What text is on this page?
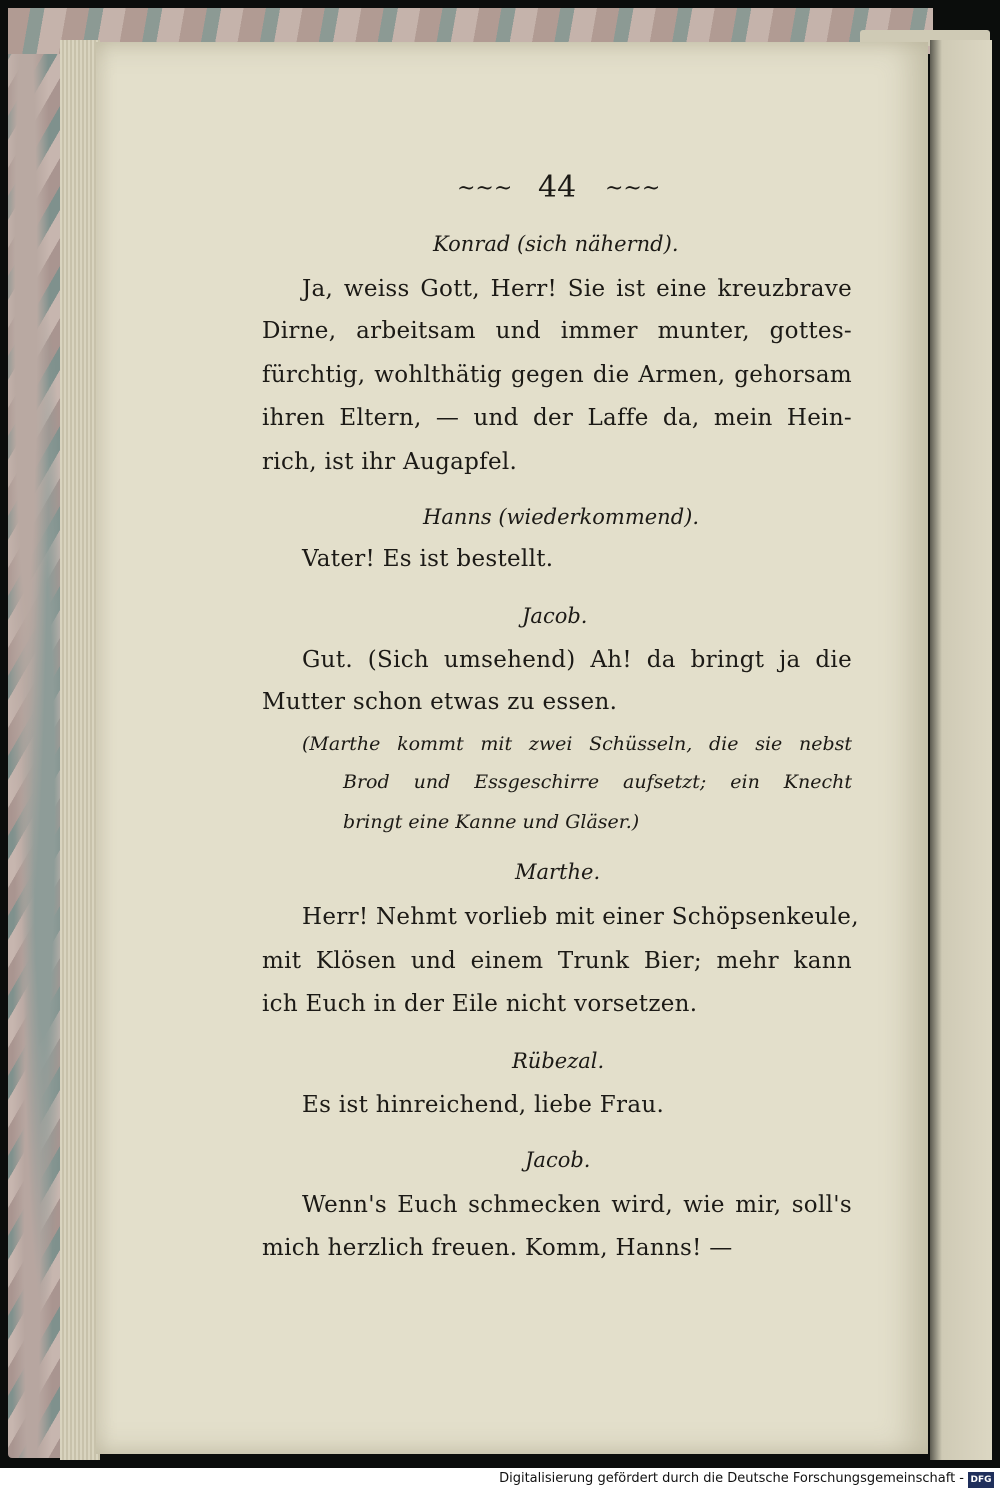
~~~ 44 ~~~
Konrad (sich nähernd).
Ja, weiss Gott, Herr! Sie ist eine kreuzbrave
Dirne, arbeitsam und immer munter, gottes-
fürchtig, wohlthätig gegen die Armen, gehorsam
ihren Eltern, — und der Laffe da, mein Hein-
rich, ist ihr Augapfel.
Hanns (wiederkommend).
Vater! Es ist bestellt.
Jacob.
Gut. (Sich umsehend) Ah! da bringt ja die
Mutter schon etwas zu essen.
(Marthe kommt mit zwei Schüsseln, die sie nebst
Brod und Essgeschirre aufsetzt; ein Knecht
bringt eine Kanne und Gläser.)
Marthe.
Herr! Nehmt vorlieb mit einer Schöpsenkeule,
mit Klösen und einem Trunk Bier; mehr kann
ich Euch in der Eile nicht vorsetzen.
Rübezal.
Es ist hinreichend, liebe Frau.
Jacob.
Wenn's Euch schmecken wird, wie mir, soll's
mich herzlich freuen. Komm, Hanns! —
Digitalisierung gefördert durch die Deutsche Forschungsgemeinschaft - DFG
